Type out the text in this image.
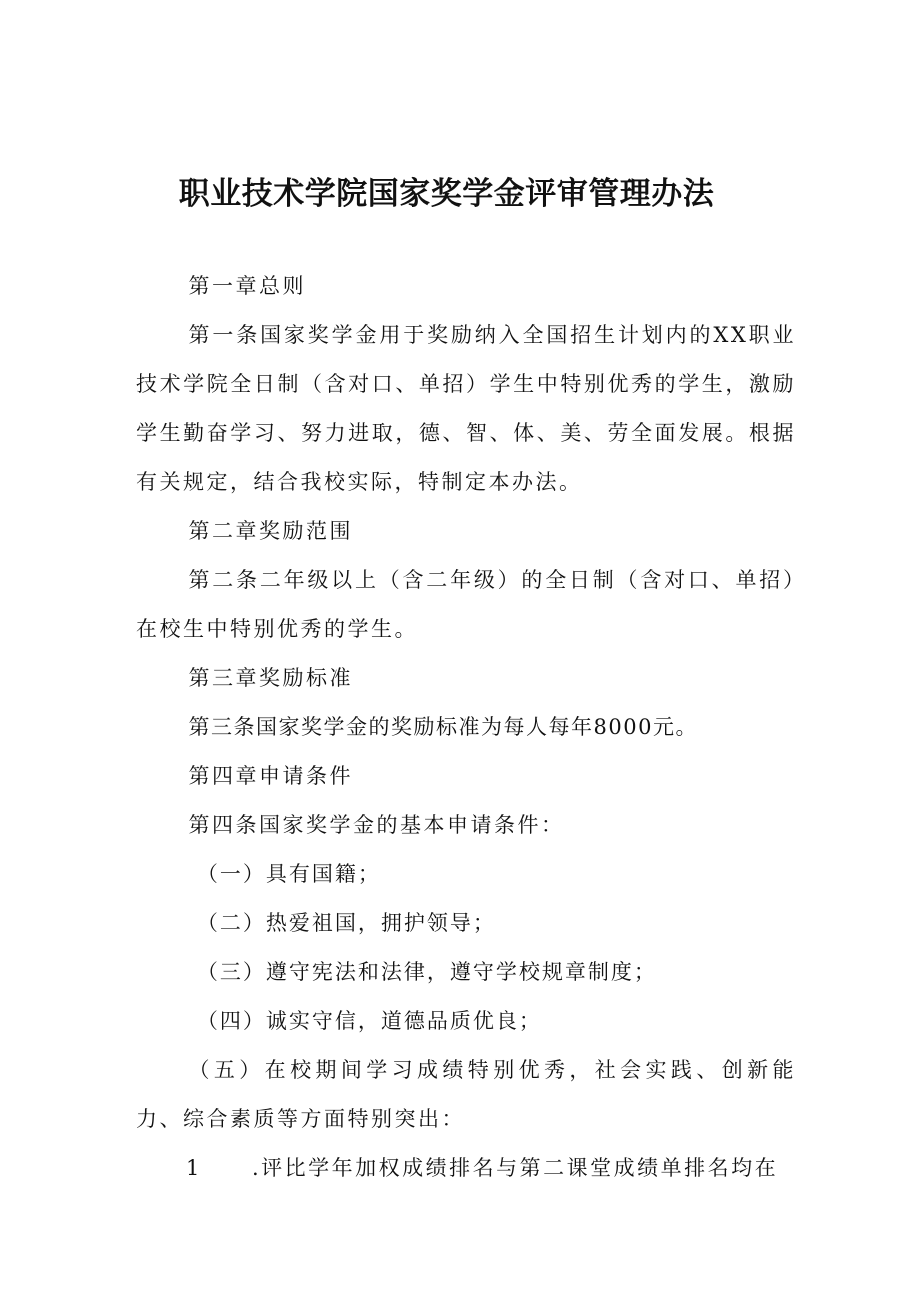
职业技术学院国家奖学金评审管理办法

第一章总则

第一条国家奖学金用于奖励纳入全国招生计划内的XX职业技术学院全日制（含对口、单招）学生中特别优秀的学生，激励学生勤奋学习、努力进取，德、智、体、美、劳全面发展。根据有关规定，结合我校实际，特制定本办法。

第二章奖励范围

第二条二年级以上（含二年级）的全日制（含对口、单招）在校生中特别优秀的学生。

第三章奖励标准

第三条国家奖学金的奖励标准为每人每年8000元。

第四章申请条件

第四条国家奖学金的基本申请条件：

（一）具有国籍；

（二）热爱祖国，拥护领导；

（三）遵守宪法和法律，遵守学校规章制度；

（四）诚实守信，道德品质优良；

（五）在校期间学习成绩特别优秀，社会实践、创新能力、综合素质等方面特别突出：

1 .评比学年加权成绩排名与第二课堂成绩单排名均在
